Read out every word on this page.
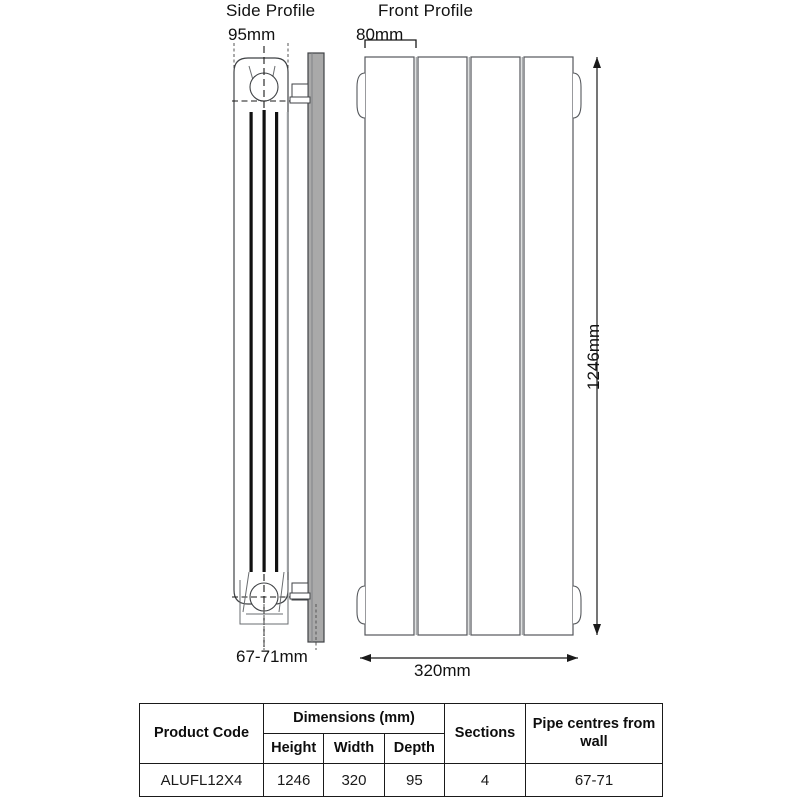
Side Profile
95mm
Front Profile
80mm
67-71mm
320mm
1246mm
Product Code	Dimensions (mm)			Sections	Pipe centres from wall
	Height	Width	Depth		
ALUFL12X4	1246	320	95	4	67-71
